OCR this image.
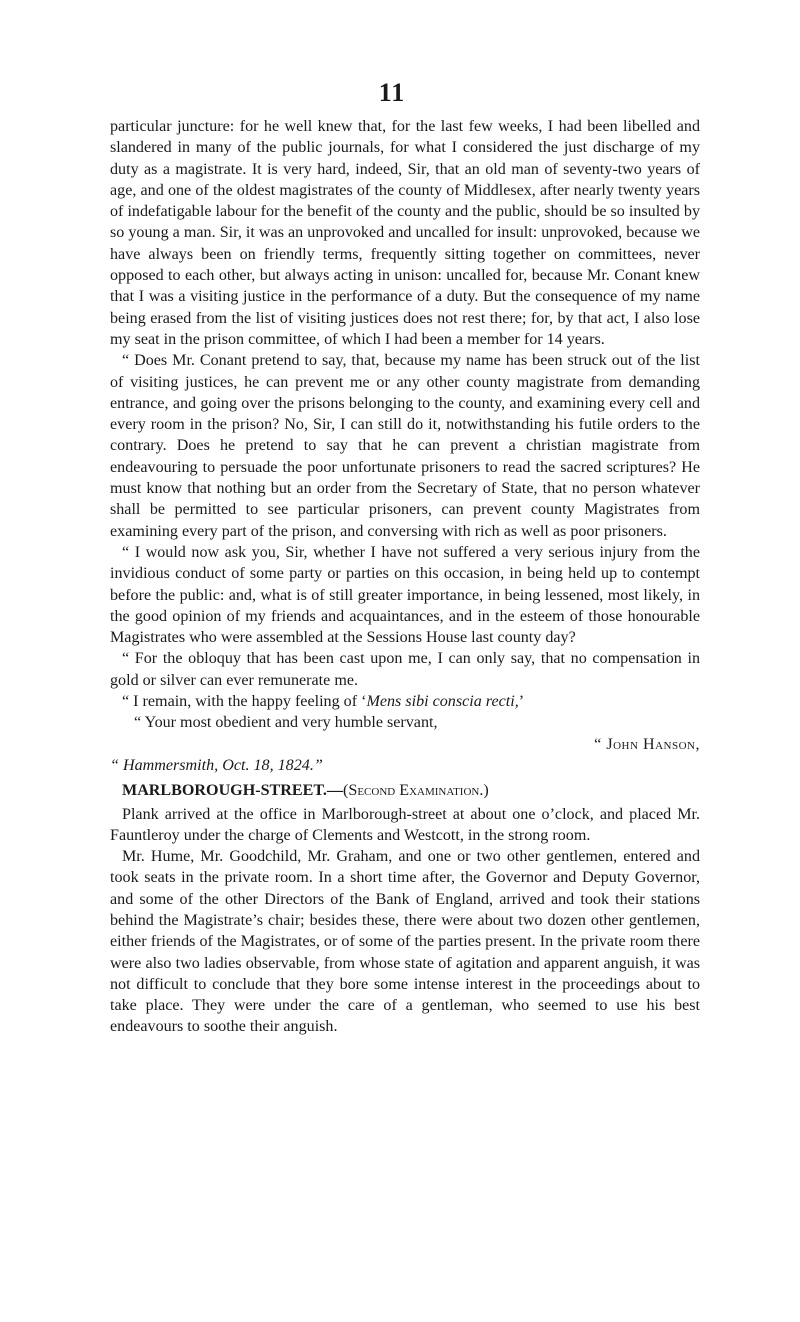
11

particular juncture: for he well knew that, for the last few weeks, I had been libelled and slandered in many of the public journals, for what I considered the just discharge of my duty as a magistrate. It is very hard, indeed, Sir, that an old man of seventy-two years of age, and one of the oldest magistrates of the county of Middlesex, after nearly twenty years of indefatigable labour for the benefit of the county and the public, should be so insulted by so young a man. Sir, it was an unprovoked and uncalled for insult: unprovoked, because we have always been on friendly terms, frequently sitting together on committees, never opposed to each other, but always acting in unison: uncalled for, because Mr. Conant knew that I was a visiting justice in the performance of a duty. But the consequence of my name being erased from the list of visiting justices does not rest there; for, by that act, I also lose my seat in the prison committee, of which I had been a member for 14 years.

“ Does Mr. Conant pretend to say, that, because my name has been struck out of the list of visiting justices, he can prevent me or any other county magistrate from demanding entrance, and going over the prisons belonging to the county, and examining every cell and every room in the prison? No, Sir, I can still do it, notwithstanding his futile orders to the contrary. Does he pretend to say that he can prevent a christian magistrate from endeavouring to persuade the poor unfortunate prisoners to read the sacred scriptures? He must know that nothing but an order from the Secretary of State, that no person whatever shall be permitted to see particular prisoners, can prevent county Magistrates from examining every part of the prison, and conversing with rich as well as poor prisoners.

“ I would now ask you, Sir, whether I have not suffered a very serious injury from the invidious conduct of some party or parties on this occasion, in being held up to contempt before the public: and, what is of still greater importance, in being lessened, most likely, in the good opinion of my friends and acquaintances, and in the esteem of those honourable Magistrates who were assembled at the Sessions House last county day?

“ For the obloquy that has been cast upon me, I can only say, that no compensation in gold or silver can ever remunerate me.

“ I remain, with the happy feeling of ‘Mens sibi conscia recti,’

“ Your most obedient and very humble servant,

“ John Hanson,

“ Hammersmith, Oct. 18, 1824.”

MARLBOROUGH-STREET.—(Second Examination.)

Plank arrived at the office in Marlborough-street at about one o’clock, and placed Mr. Fauntleroy under the charge of Clements and Westcott, in the strong room.

Mr. Hume, Mr. Goodchild, Mr. Graham, and one or two other gentlemen, entered and took seats in the private room. In a short time after, the Governor and Deputy Governor, and some of the other Directors of the Bank of England, arrived and took their stations behind the Magistrate’s chair; besides these, there were about two dozen other gentlemen, either friends of the Magistrates, or of some of the parties present. In the private room there were also two ladies observable, from whose state of agitation and apparent anguish, it was not difficult to conclude that they bore some intense interest in the proceedings about to take place. They were under the care of a gentleman, who seemed to use his best endeavours to soothe their anguish.
